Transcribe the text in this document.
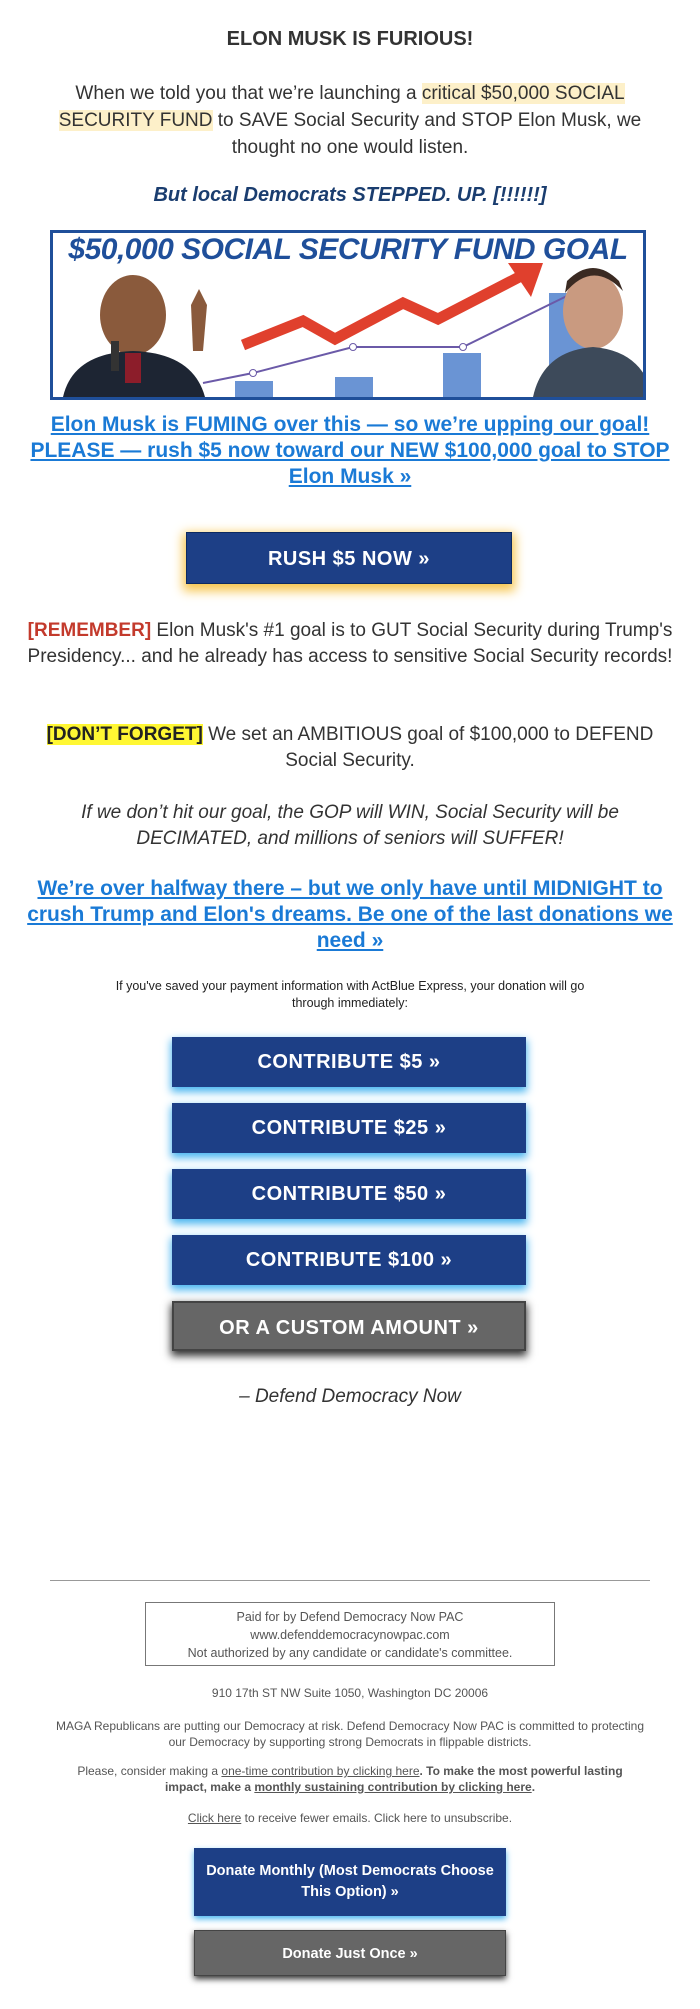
ELON MUSK IS FURIOUS!
When we told you that we’re launching a critical $50,000 SOCIAL SECURITY FUND to SAVE Social Security and STOP Elon Musk, we thought no one would listen.
But local Democrats STEPPED. UP. [!!!!!!]
$50,000 SOCIAL SECURITY FUND GOAL
Elon Musk is FUMING over this — so we’re upping our goal! PLEASE — rush $5 now toward our NEW $100,000 goal to STOP Elon Musk »
RUSH $5 NOW »
[REMEMBER] Elon Musk's #1 goal is to GUT Social Security during Trump's Presidency... and he already has access to sensitive Social Security records!
[DON’T FORGET] We set an AMBITIOUS goal of $100,000 to DEFEND Social Security.
If we don’t hit our goal, the GOP will WIN, Social Security will be DECIMATED, and millions of seniors will SUFFER!
We’re over halfway there – but we only have until MIDNIGHT to crush Trump and Elon's dreams. Be one of the last donations we need »
If you've saved your payment information with ActBlue Express, your donation will go through immediately:
CONTRIBUTE $5 »
CONTRIBUTE $25 »
CONTRIBUTE $50 »
CONTRIBUTE $100 »
OR A CUSTOM AMOUNT »
– Defend Democracy Now
Paid for by Defend Democracy Now PAC
www.defenddemocracynowpac.com
Not authorized by any candidate or candidate's committee.
910 17th ST NW Suite 1050, Washington DC 20006
MAGA Republicans are putting our Democracy at risk. Defend Democracy Now PAC is committed to protecting our Democracy by supporting strong Democrats in flippable districts.
Please, consider making a one-time contribution by clicking here. To make the most powerful lasting impact, make a monthly sustaining contribution by clicking here.
Click here to receive fewer emails. Click here to unsubscribe.
Donate Monthly (Most Democrats Choose This Option) »
Donate Just Once »
